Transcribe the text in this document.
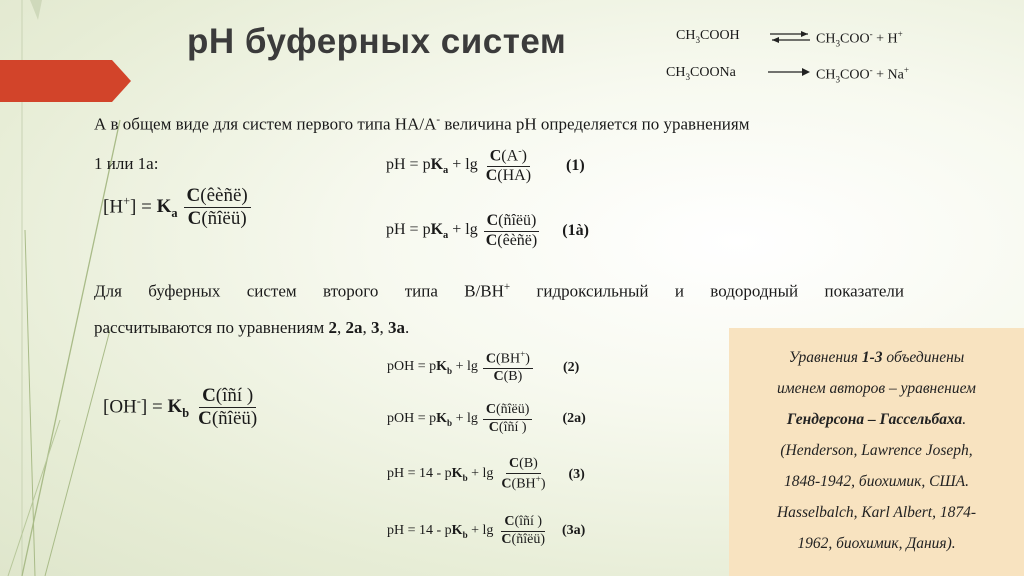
pH буферных систем	$CH_3COOH$ ⇌ $CH_3COO^- + H^+$
$CH_3COONa$	$CH_3COO^- + Na^+$
А в общем виде для систем первого типа HA/A- величина pH определяется по уравнениям
1 или 1а:
$[H^+] = K_a \frac{\text{C(êèñë)}}{\text{C(ñîëü)}}$
pH = $pK_a + \lg \frac{C(A^-)}{C(HA)} (1)$
pH = $pK_a + \lg \frac{\text{C(ñîëü)}}{\text{C(êèñë)}}$ (1à)
Для буферных систем второго типа B/BH+ гидроксильный и водородный показатели
рассчитываются по уравнениям 2, 2а, 3, 3а.
$[OH^-] = K_b \frac{\text{C(îñí )}}{\text{C(ñîëü)}}$
pOH = $pK_b + \lg \frac{C(BH^+)}{C(B)} (2)$
pOH = $pK_b + \lg \frac{\text{C(ñîëü)}}{\text{C(îñí )}} (2а)$
pH = $14 - pK_b + \lg \frac{C(B)}{C(BH^+)} (3)$
pH = $14 - pK_b + \lg \frac{\text{C(îñí )}}{\text{C(ñîëü)}} (3а)$
Уравнения 1-3 объединены
именем авторов – уравнением
Гендерсона – Гассельбаха.
(Henderson, Lawrence Joseph,
1848-1942, биохимик, США.
Hasselbalch, Karl Albert, 1874-
1962, биохимик, Дания).
